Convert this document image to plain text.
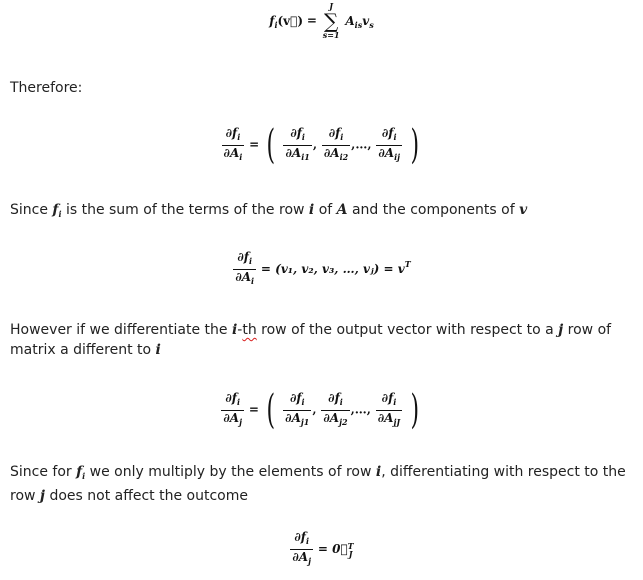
$f_i(v⃗)$ =
J
∑
s=1
$A_{is}v_s$
Therefore:
$\frac{\partial f_i}{\partial A_i}$ = ( $\frac{\partial f_i}{\partial A_{i1}}$ , $\frac{\partial f_i}{\partial A_{i2}}$ ,…, $\frac{\partial f_i}{\partial A_{ij}}$ )
Since $f_i$ is the sum of the terms of the row i of A and the components of v
$\frac{\partial f_i}{\partial A_i} = (v_1$, v₂, v₃, …, vⱼ) = $v^T$
However if we differentiate the i-th row of the output vector with respect to a j row of matrix a different to i
$\frac{\partial f_i}{\partial A_j}$ = ( $\frac{\partial f_i}{\partial A_{j1}}$ , $\frac{\partial f_i}{\partial A_{j2}}$ ,…, $\frac{\partial f_i}{\partial A_{jJ}}$ )
Since for $f_i$ we only multiply by the elements of row i, differentiating with respect to the row j does not affect the outcome
$\frac{\partial f_i}{\partial A_j}$ = 0⃗ T
J
